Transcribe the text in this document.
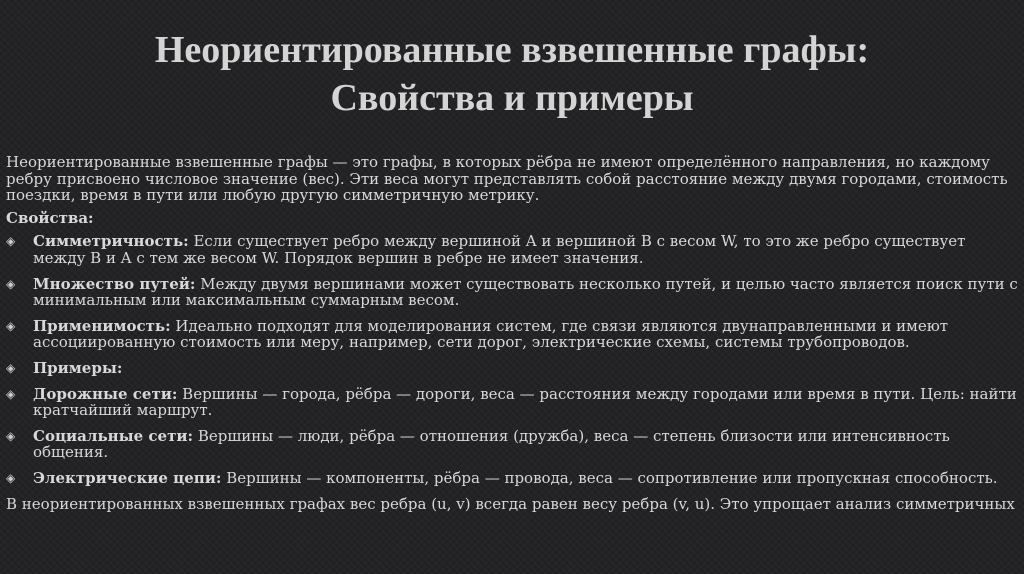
Неориентированные взвешенные графы:
Свойства и примеры

Неориентированные взвешенные графы — это графы, в которых рёбра не имеют определённого направления, но каждому ребру присвоено числовое значение (вес). Эти веса могут представлять собой расстояние между двумя городами, стоимость поездки, время в пути или любую другую симметричную метрику.

Свойства:

◈	Симметричность: Если существует ребро между вершиной A и вершиной B с весом W, то это же ребро существует между B и A с тем же весом W. Порядок вершин в ребре не имеет значения.
◈	Множество путей: Между двумя вершинами может существовать несколько путей, и целью часто является поиск пути с минимальным или максимальным суммарным весом.
◈	Применимость: Идеально подходят для моделирования систем, где связи являются двунаправленными и имеют ассоциированную стоимость или меру, например, сети дорог, электрические схемы, системы трубопроводов.
◈	Примеры:
◈	Дорожные сети: Вершины — города, рёбра — дороги, веса — расстояния между городами или время в пути. Цель: найти кратчайший маршрут.
◈	Социальные сети: Вершины — люди, рёбра — отношения (дружба), веса — степень близости или интенсивность общения.
◈	Электрические цепи: Вершины — компоненты, рёбра — провода, веса — сопротивление или пропускная способность.

В неориентированных взвешенных графах вес ребра (u, v) всегда равен весу ребра (v, u). Это упрощает анализ симметричных
